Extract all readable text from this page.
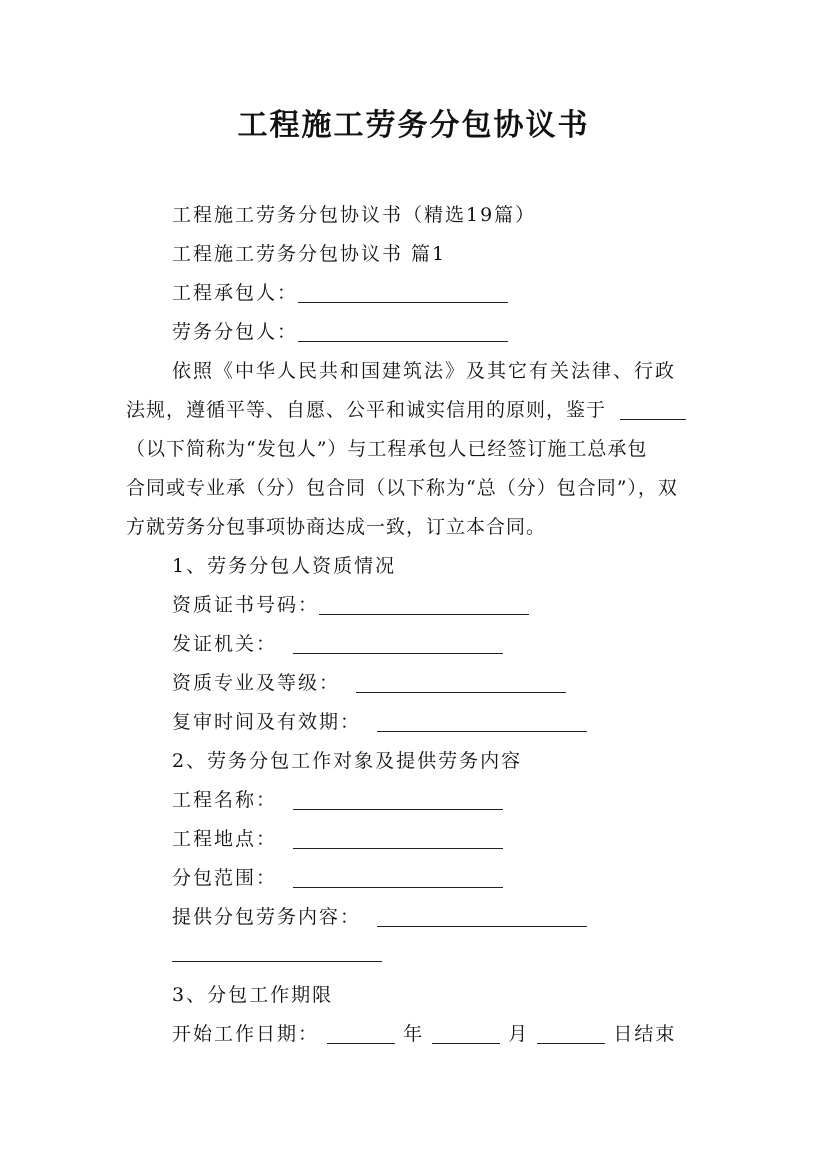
工程施工劳务分包协议书
工程施工劳务分包协议书（精选19篇）
工程施工劳务分包协议书 篇1
工程承包人：
劳务分包人：
依照《中华人民共和国建筑法》及其它有关法律、行政
法规，遵循平等、自愿、公平和诚实信用的原则，鉴于
（以下简称为“发包人”）与工程承包人已经签订施工总承包
合同或专业承（分）包合同（以下称为“总（分）包合同”），双
方就劳务分包事项协商达成一致，订立本合同。
1、劳务分包人资质情况
资质证书号码：
发证机关：
资质专业及等级：
复审时间及有效期：
2、劳务分包工作对象及提供劳务内容
工程名称：
工程地点：
分包范围：
提供分包劳务内容：
3、分包工作期限
开始工作日期：	年	月	日结束
